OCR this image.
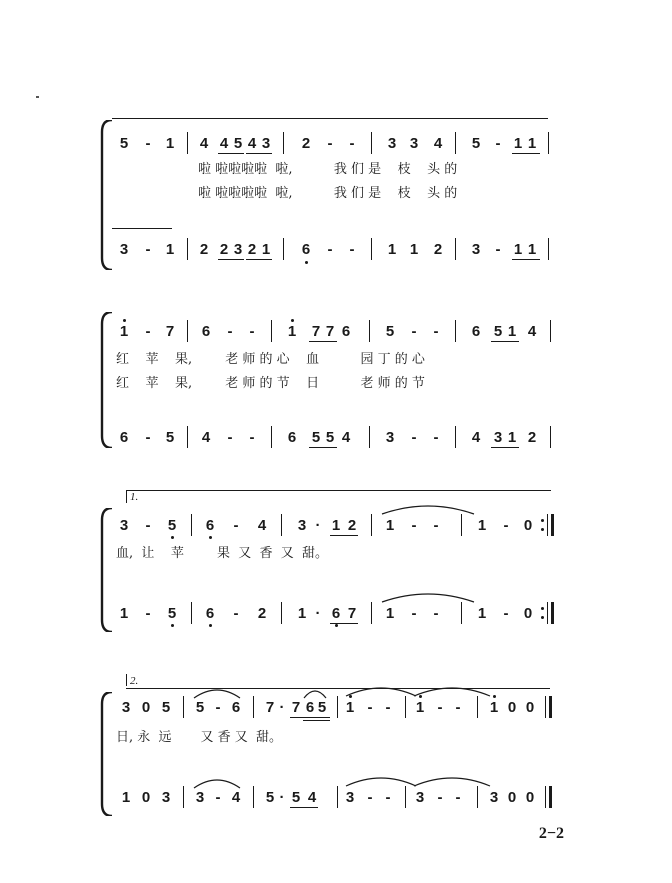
5	-	1 4 4 5 4 3 2	-	-	3 3 4 5	- 1 1
啦 啦啦啦啦  啦,          我 们 是    枝    头 的
啦 啦啦啦啦  啦,          我 们 是    枝    头 的
3	-	1 2 2 3 2 1 6	-	-	1 1 2 3	- 1 1
1	-	7 6	-	-	1 7 7 6 5	-	-	6 5 1 4
红    苹    果,        老 师 的 心    血          园 丁 的 心
红    苹    果,        老 师 的 节    日          老 师 的 节
6	-	5 4	-	-	6 5 5 4 3	-	-	4 3 1 2
1.
3	-	5 6	-	4 3 · 1 2 1	-	-	1	-	0
血,  让    苹        果  又  香  又  甜。
1	-	5 6	-	2 1 · 6 7 1	-	-	1	-	0
2.
3 0 5 5 - 6 7 · 7 6 5 1 - -	1 - -	1 0 0
日, 永  远       又 香 又  甜。
1 0 3 3 - 4 5 · 5 4 3 - -	3 - -	3 0 0
2−2
